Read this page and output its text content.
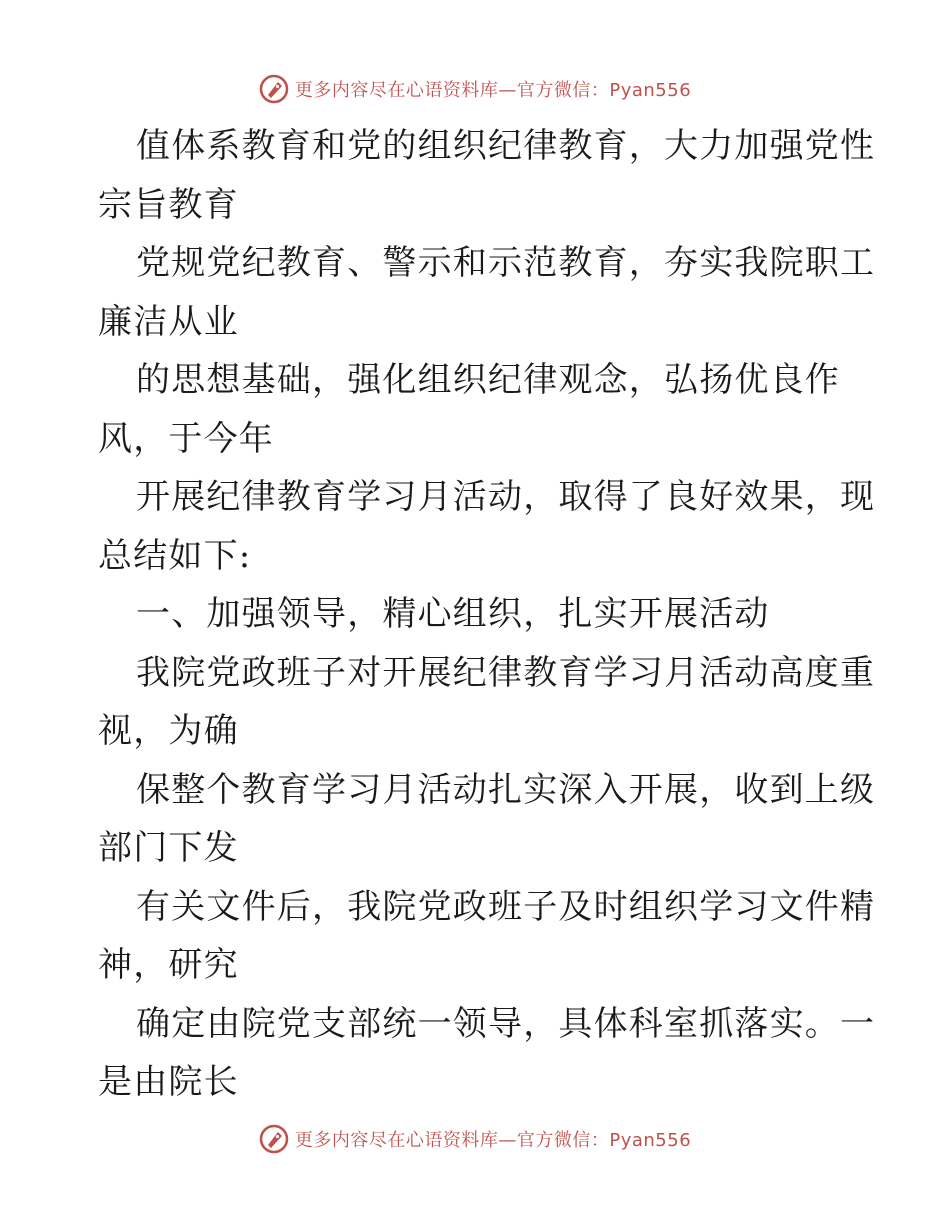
更多内容尽在心语资料库—官方微信：Pyan556
值体系教育和党的组织纪律教育，大力加强党性
宗旨教育
党规党纪教育、警示和示范教育，夯实我院职工
廉洁从业
的思想基础，强化组织纪律观念，弘扬优良作
风，于今年
开展纪律教育学习月活动，取得了良好效果，现
总结如下:
一、加强领导，精心组织，扎实开展活动
我院党政班子对开展纪律教育学习月活动高度重
视，为确
保整个教育学习月活动扎实深入开展，收到上级
部门下发
有关文件后，我院党政班子及时组织学习文件精
神，研究
确定由院党支部统一领导，具体科室抓落实。一
是由院长
更多内容尽在心语资料库—官方微信：Pyan556
